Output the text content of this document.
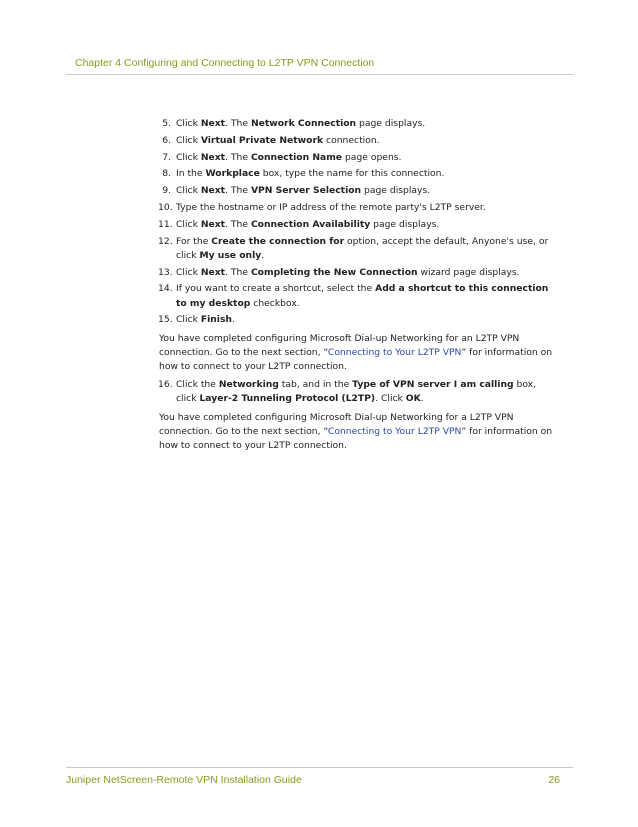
Chapter 4 Configuring and Connecting to L2TP VPN Connection
5. Click Next. The Network Connection page displays.
6. Click Virtual Private Network connection.
7. Click Next. The Connection Name page opens.
8. In the Workplace box, type the name for this connection.
9. Click Next. The VPN Server Selection page displays.
10. Type the hostname or IP address of the remote party's L2TP server.
11. Click Next. The Connection Availability page displays.
12. For the Create the connection for option, accept the default, Anyone's use, or click My use only.
13. Click Next. The Completing the New Connection wizard page displays.
14. If you want to create a shortcut, select the Add a shortcut to this connection to my desktop checkbox.
15. Click Finish.
You have completed configuring Microsoft Dial-up Networking for an L2TP VPN connection. Go to the next section, “Connecting to Your L2TP VPN” for information on how to connect to your L2TP connection.
16. Click the Networking tab, and in the Type of VPN server I am calling box, click Layer-2 Tunneling Protocol (L2TP). Click OK.
You have completed configuring Microsoft Dial-up Networking for a L2TP VPN connection. Go to the next section, “Connecting to Your L2TP VPN” for information on how to connect to your L2TP connection.
Juniper NetScreen-Remote VPN Installation Guide	26
